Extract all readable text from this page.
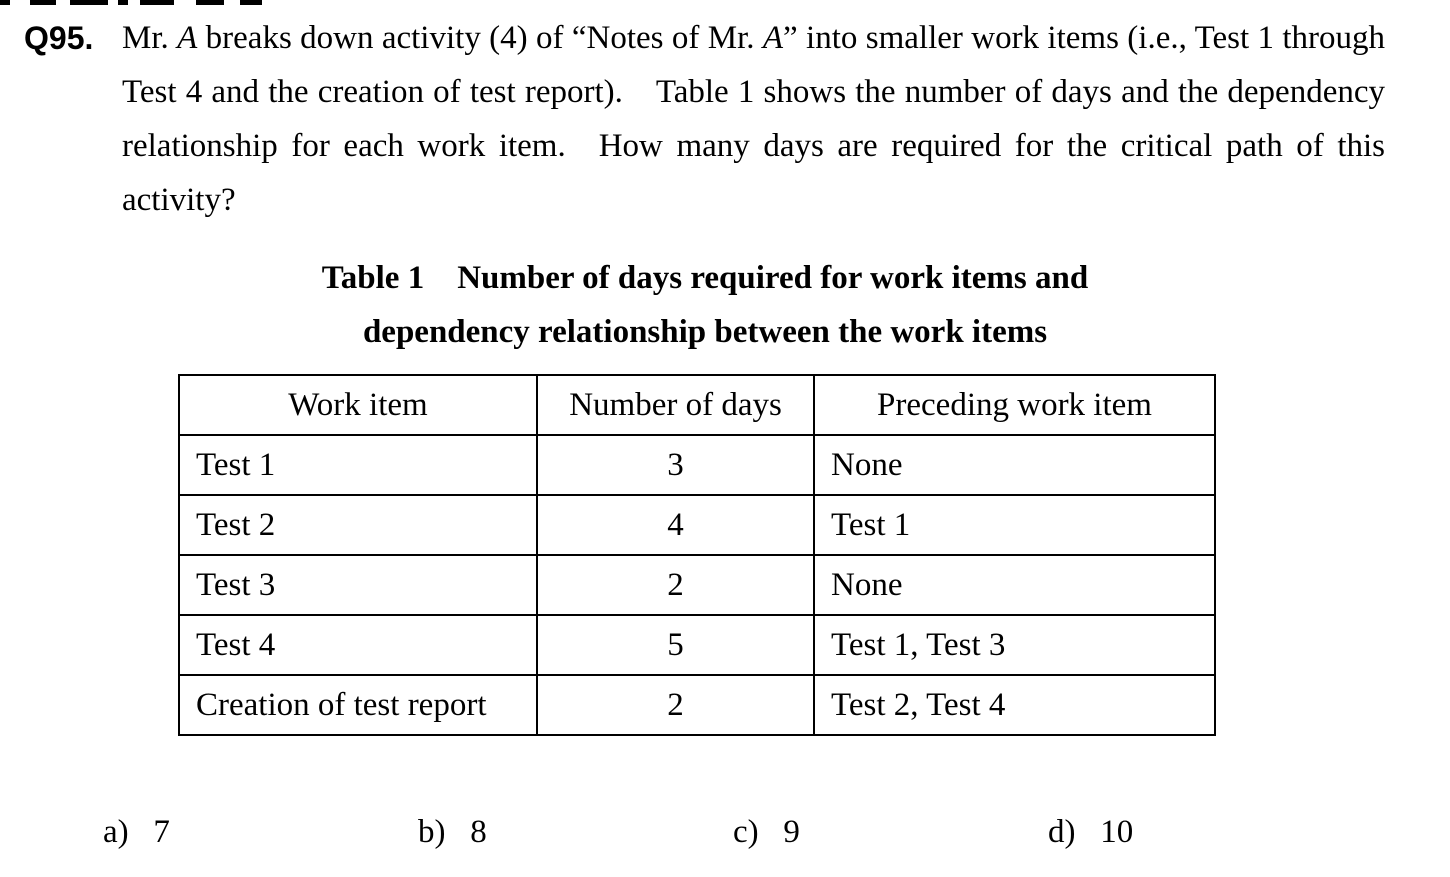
Q95. Mr. A breaks down activity (4) of “Notes of Mr. A” into smaller work items (i.e., Test 1 through Test 4 and the creation of test report). Table 1 shows the number of days and the dependency relationship for each work item. How many days are required for the critical path of this activity?
Table 1 Number of days required for work items and
dependency relationship between the work items
Work item	Number of days	Preceding work item
Test 1	3	None
Test 2	4	Test 1
Test 3	2	None
Test 4	5	Test 1, Test 3
Creation of test report	2	Test 2, Test 4
a) 7	b) 8	c) 9	d) 10
